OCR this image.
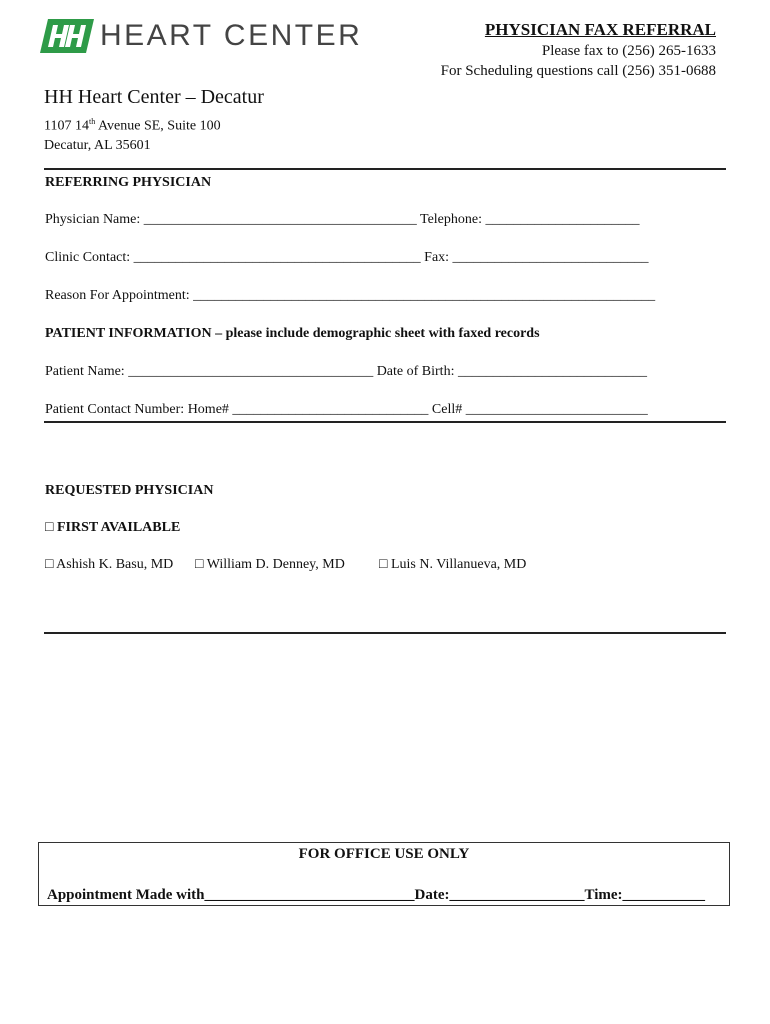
HEART CENTER	PHYSICIAN FAX REFERRAL
Please fax to (256) 265-1633
For Scheduling questions call (256) 351-0688
HH Heart Center – Decatur
1107 14th Avenue SE, Suite 100
Decatur, AL 35601
REFERRING PHYSICIAN
Physician Name: _______________________________________ Telephone: ______________________
Clinic Contact: _________________________________________ Fax: ____________________________
Reason For Appointment: __________________________________________________________________
PATIENT INFORMATION – please include demographic sheet with faxed records
Patient Name: ___________________________________ Date of Birth: ___________________________
Patient Contact Number: Home# ____________________________ Cell# __________________________
REQUESTED PHYSICIAN
□ FIRST AVAILABLE
□ Ashish K. Basu, MD □ William D. Denney, MD □ Luis N. Villanueva, MD
FOR OFFICE USE ONLY
Appointment Made with____________________________Date:__________________Time:___________
